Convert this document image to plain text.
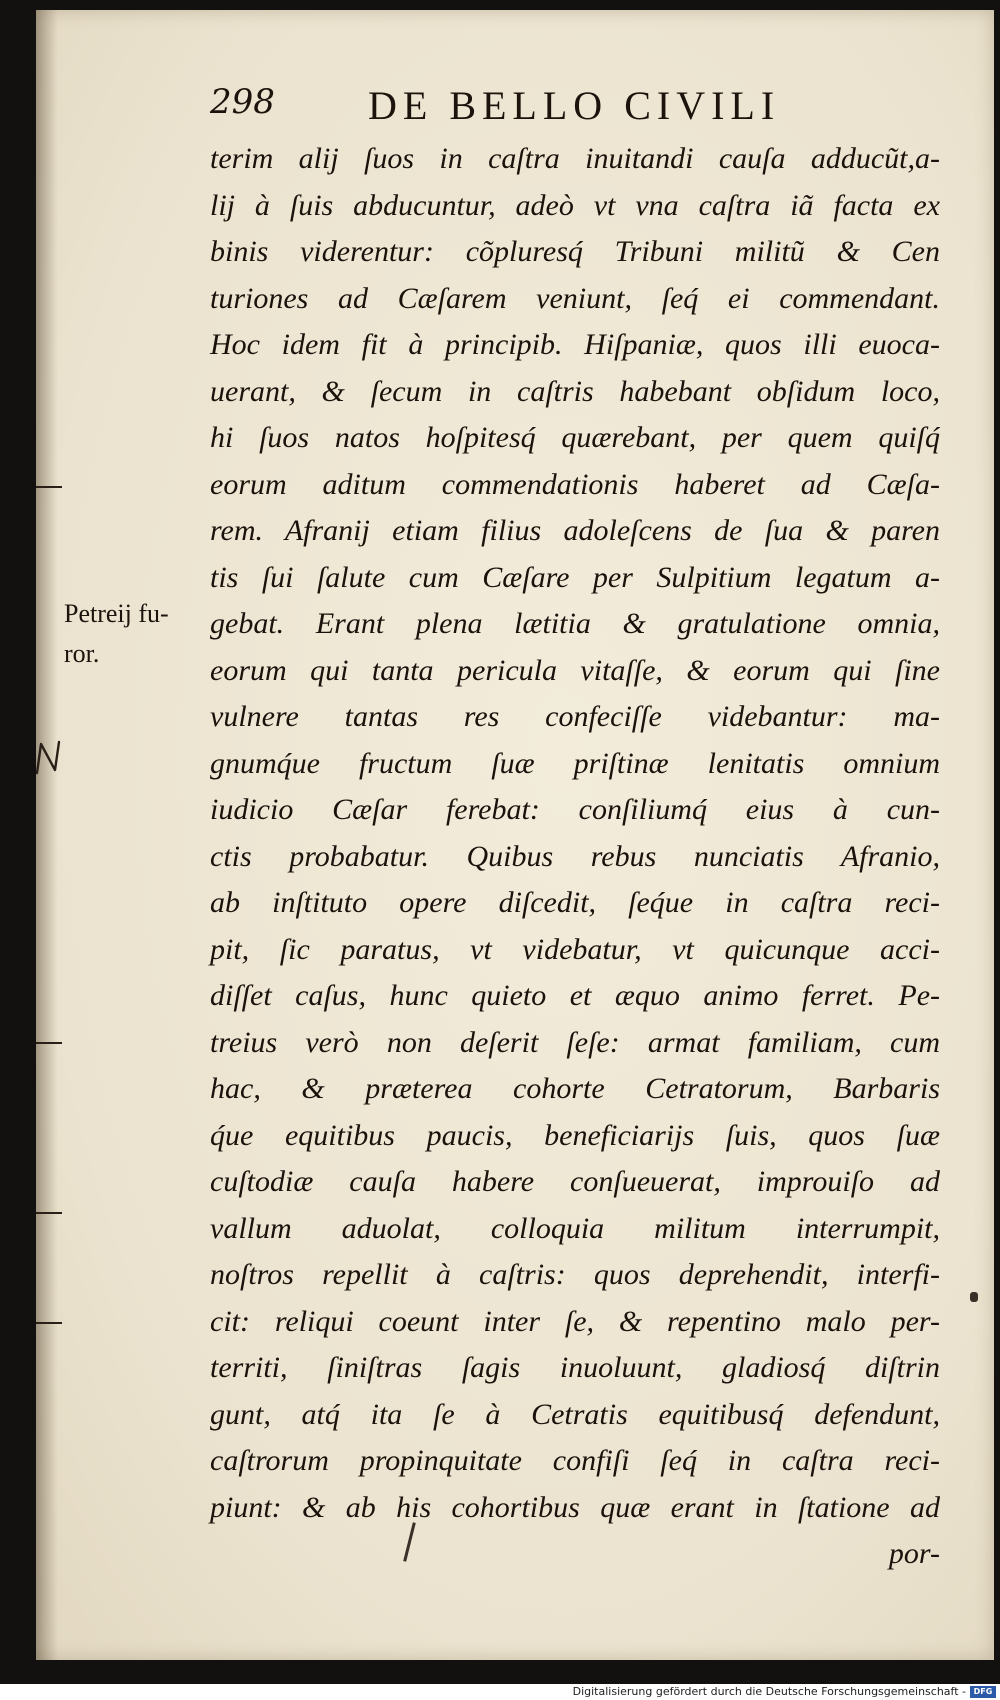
298 DE BELLO CIVILI
terim alij ſuos in caſtra inuitandi cauſa adducũt,a-
lij à ſuis abducuntur, adeò vt vna caſtra iã facta ex
binis viderentur: cõpluresq́ Tribuni militũ & Cen
turiones ad Cæſarem veniunt, ſeq́ ei commendant.
Hoc idem fit à principib. Hiſpaniæ, quos illi euoca-
uerant, & ſecum in caſtris habebant obſidum loco,
hi ſuos natos hoſpitesq́ quærebant, per quem quiſq́
eorum aditum commendationis haberet ad Cæſa-
rem. Afranij etiam filius adoleſcens de ſua & paren
tis ſui ſalute cum Cæſare per Sulpitium legatum a-
gebat. Erant plena lætitia & gratulatione omnia,
eorum qui tanta pericula vitaſſe, & eorum qui ſine
vulnere tantas res confeciſſe videbantur: ma-
gnumq́ue fructum ſuæ priſtinæ lenitatis omnium
iudicio Cæſar ferebat: conſiliumq́ eius à cun-
ctis probabatur. Quibus rebus nunciatis Afranio,
ab inſtituto opere diſcedit, ſeq́ue in caſtra reci-
pit, ſic paratus, vt videbatur, vt quicunque acci-
diſſet caſus, hunc quieto et æquo animo ferret. Pe-
treius verò non deſerit ſeſe: armat familiam, cum
hac, & præterea cohorte Cetratorum, Barbaris
q́ue equitibus paucis, beneficiarijs ſuis, quos ſuæ
cuſtodiæ cauſa habere conſueuerat, improuiſo ad
vallum aduolat, colloquia militum interrumpit,
noſtros repellit à caſtris: quos deprehendit, interfi-
cit: reliqui coeunt inter ſe, & repentino malo per-
territi, ſiniſtras ſagis inuoluunt, gladiosq́ diſtrin
gunt, atq́ ita ſe à Cetratis equitibusq́ defendunt,
caſtrorum propinquitate confiſi ſeq́ in caſtra reci-
piunt: & ab his cohortibus quæ erant in ſtatione ad
por-
Petreij fu-
ror.
Digitalisierung gefördert durch die Deutsche Forschungsgemeinschaft - DFG
